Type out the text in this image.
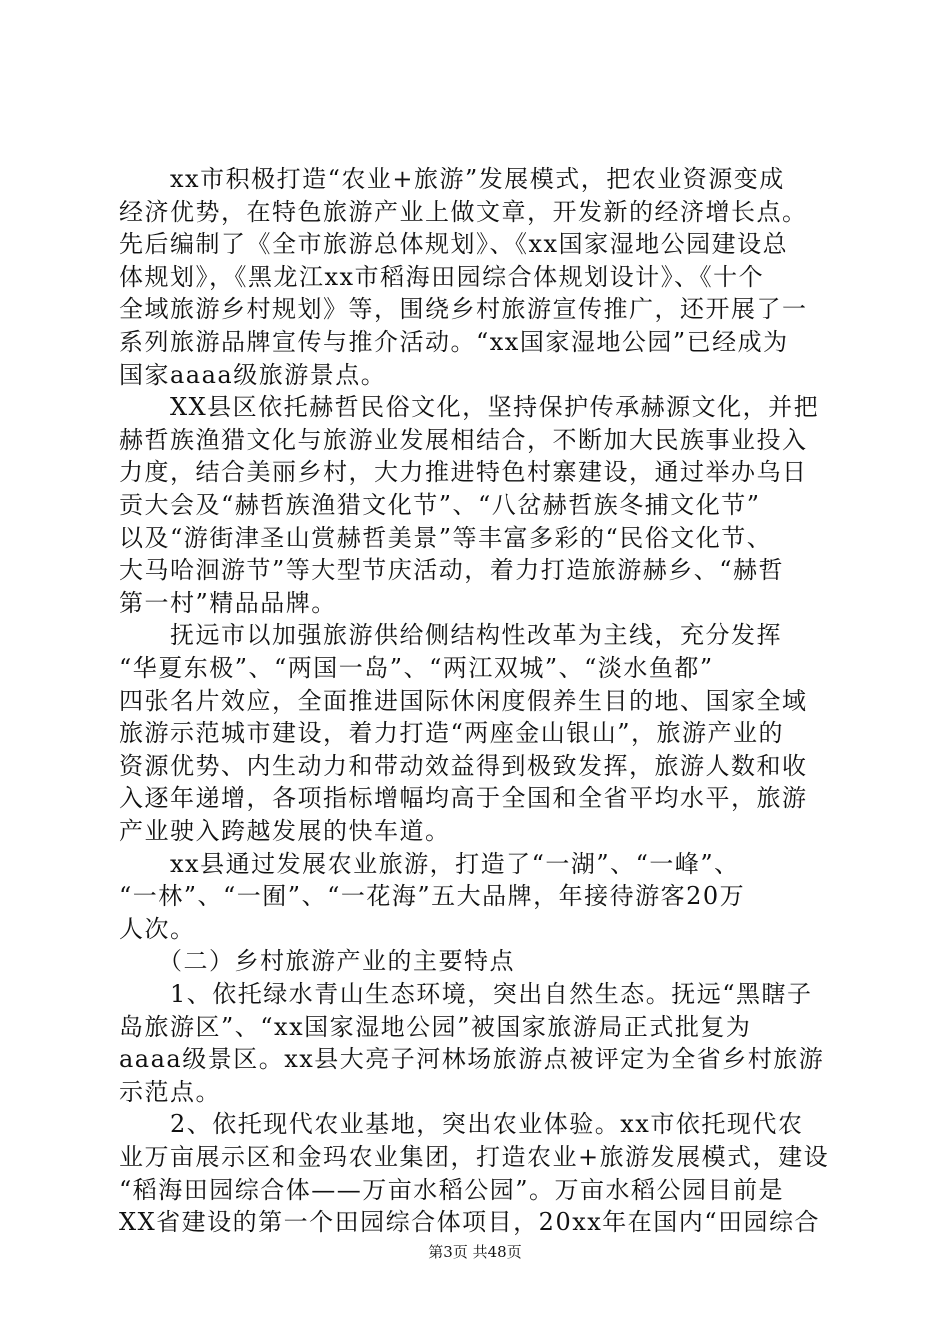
　　xx市积极打造“农业+旅游”发展模式，把农业资源变成
经济优势，在特色旅游产业上做文章，开发新的经济增长点。
先后编制了《全市旅游总体规划》、《xx国家湿地公园建设总
体规划》，《黑龙江xx市稻海田园综合体规划设计》、《十个
全域旅游乡村规划》等，围绕乡村旅游宣传推广，还开展了一
系列旅游品牌宣传与推介活动。“xx国家湿地公园”已经成为
国家aaaa级旅游景点。
　　XX县区依托赫哲民俗文化，坚持保护传承赫源文化，并把
赫哲族渔猎文化与旅游业发展相结合，不断加大民族事业投入
力度，结合美丽乡村，大力推进特色村寨建设，通过举办乌日
贡大会及“赫哲族渔猎文化节”、“八岔赫哲族冬捕文化节”
以及“游街津圣山赏赫哲美景”等丰富多彩的“民俗文化节、
大马哈洄游节”等大型节庆活动，着力打造旅游赫乡、“赫哲
第一村”精品品牌。
　　抚远市以加强旅游供给侧结构性改革为主线，充分发挥
“华夏东极”、“两国一岛”、“两江双城”、“淡水鱼都”
四张名片效应，全面推进国际休闲度假养生目的地、国家全域
旅游示范城市建设，着力打造“两座金山银山”，旅游产业的
资源优势、内生动力和带动效益得到极致发挥，旅游人数和收
入逐年递增，各项指标增幅均高于全国和全省平均水平，旅游
产业驶入跨越发展的快车道。
　　xx县通过发展农业旅游，打造了“一湖”、“一峰”、
“一林”、“一囿”、“一花海”五大品牌，年接待游客20万
人次。
　　（二）乡村旅游产业的主要特点
　　1、依托绿水青山生态环境，突出自然生态。抚远“黑瞎子
岛旅游区”、“xx国家湿地公园”被国家旅游局正式批复为
aaaa级景区。xx县大亮子河林场旅游点被评定为全省乡村旅游
示范点。
　　2、依托现代农业基地，突出农业体验。xx市依托现代农
业万亩展示区和金玛农业集团，打造农业+旅游发展模式，建设
“稻海田园综合体——万亩水稻公园”。万亩水稻公园目前是
XX省建设的第一个田园综合体项目，20xx年在国内“田园综合
第3页 共48页
